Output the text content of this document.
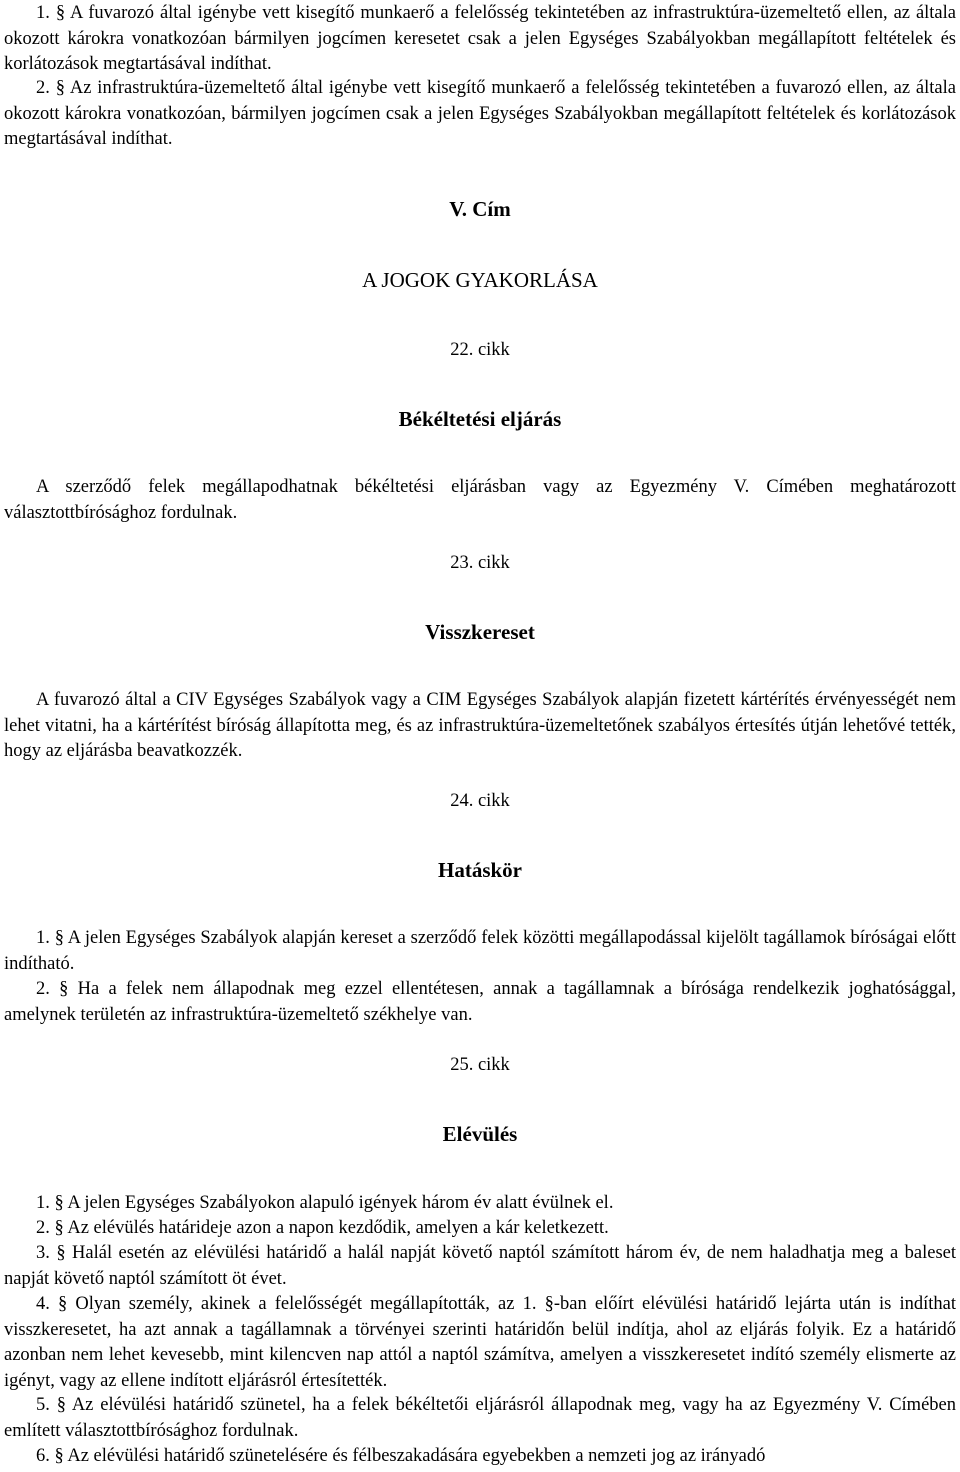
1. § A fuvarozó által igénybe vett kisegítő munkaerő a felelősség tekintetében az infrastruktúra-üzemeltető ellen, az általa okozott károkra vonatkozóan bármilyen jogcímen keresetet csak a jelen Egységes Szabályokban megállapított feltételek és korlátozások megtartásával indíthat.

2. § Az infrastruktúra-üzemeltető által igénybe vett kisegítő munkaerő a felelősség tekintetében a fuvarozó ellen, az általa okozott károkra vonatkozóan, bármilyen jogcímen csak a jelen Egységes Szabályokban megállapított feltételek és korlátozások megtartásával indíthat.

V. Cím

A JOGOK GYAKORLÁSA

22. cikk

Békéltetési eljárás

A szerződő felek megállapodhatnak békéltetési eljárásban vagy az Egyezmény V. Címében meghatározott választottbírósághoz fordulnak.

23. cikk

Visszkereset

A fuvarozó által a CIV Egységes Szabályok vagy a CIM Egységes Szabályok alapján fizetett kártérítés érvényességét nem lehet vitatni, ha a kártérítést bíróság állapította meg, és az infrastruktúra-üzemeltetőnek szabályos értesítés útján lehetővé tették, hogy az eljárásba beavatkozzék.

24. cikk

Hatáskör

1. § A jelen Egységes Szabályok alapján kereset a szerződő felek közötti megállapodással kijelölt tagállamok bíróságai előtt indítható.

2. § Ha a felek nem állapodnak meg ezzel ellentétesen, annak a tagállamnak a bírósága rendelkezik joghatósággal, amelynek területén az infrastruktúra-üzemeltető székhelye van.

25. cikk

Elévülés

1. § A jelen Egységes Szabályokon alapuló igények három év alatt évülnek el.

2. § Az elévülés határideje azon a napon kezdődik, amelyen a kár keletkezett.

3. § Halál esetén az elévülési határidő a halál napját követő naptól számított három év, de nem haladhatja meg a baleset napját követő naptól számított öt évet.

4. § Olyan személy, akinek a felelősségét megállapították, az 1. §-ban előírt elévülési határidő lejárta után is indíthat visszkeresetet, ha azt annak a tagállamnak a törvényei szerinti határidőn belül indítja, ahol az eljárás folyik. Ez a határidő azonban nem lehet kevesebb, mint kilencven nap attól a naptól számítva, amelyen a visszkeresetet indító személy elismerte az igényt, vagy az ellene indított eljárásról értesítették.

5. § Az elévülési határidő szünetel, ha a felek békéltetői eljárásról állapodnak meg, vagy ha az Egyezmény V. Címében említett választottbírósághoz fordulnak.

6. § Az elévülési határidő szünetelésére és félbeszakadására egyebekben a nemzeti jog az irányadó
